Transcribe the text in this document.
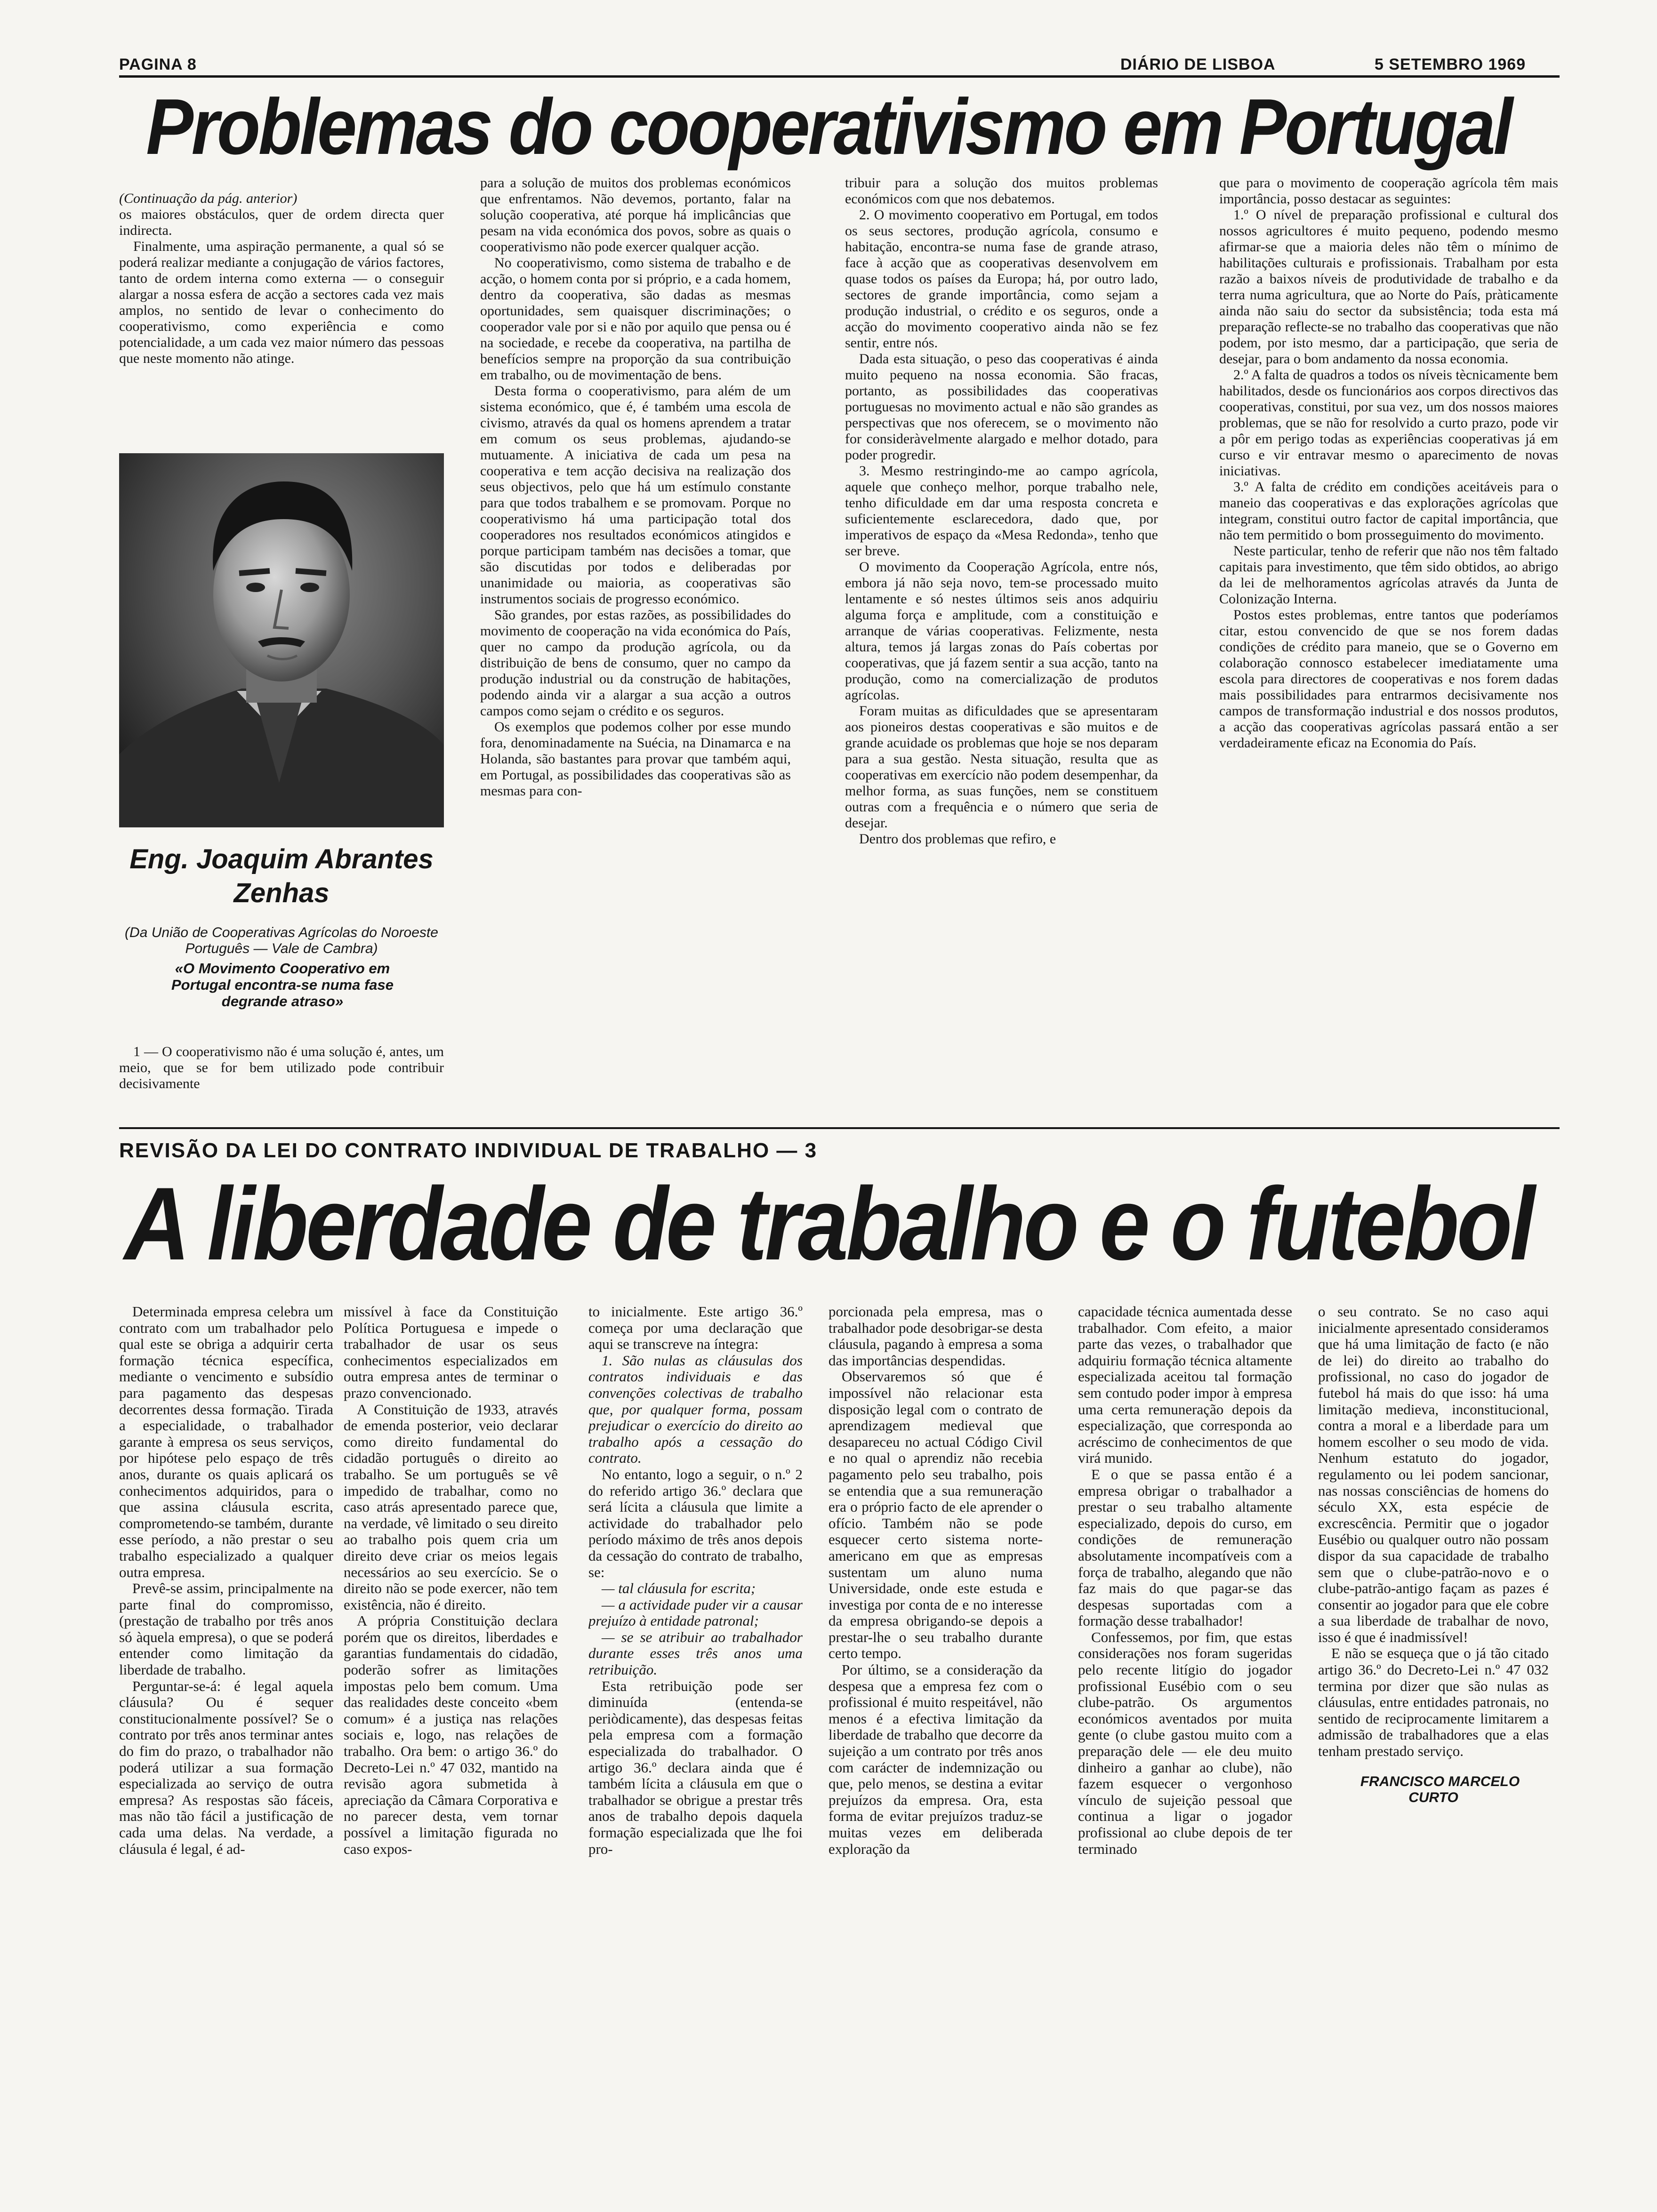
PAGINA 8	DIÁRIO DE LISBOA	5 SETEMBRO 1969
Problemas do cooperativismo em Portugal

(Continuação da pág. anterior)

os maiores obstáculos, quer de ordem directa quer indirecta.

Finalmente, uma aspiração permanente, a qual só se poderá realizar mediante a conjugação de vários factores, tanto de ordem interna como externa — o conseguir alargar a nossa esfera de acção a sectores cada vez mais amplos, no sentido de levar o conhecimento do cooperativismo, como experiência e como potencialidade, a um cada vez maior número das pessoas que neste momento não atinge.

Eng. Joaquim Abrantes Zenhas
(Da União de Cooperativas Agrícolas do Noroeste Português — Vale de Cambra)
«O Movimento Cooperativo em Portugal encontra-se numa fase degrande atraso»

1 — O cooperativismo não é uma solução é, antes, um meio, que se for bem utilizado pode contribuir decisivamente

para a solução de muitos dos problemas económicos que enfrentamos. Não devemos, portanto, falar na solução cooperativa, até porque há implicâncias que pesam na vida económica dos povos, sobre as quais o cooperativismo não pode exercer qualquer acção.

No cooperativismo, como sistema de trabalho e de acção, o homem conta por si próprio, e a cada homem, dentro da cooperativa, são dadas as mesmas oportunidades, sem quaisquer discriminações; o cooperador vale por si e não por aquilo que pensa ou é na sociedade, e recebe da cooperativa, na partilha de benefícios sempre na proporção da sua contribuição em trabalho, ou de movimentação de bens.

Desta forma o cooperativismo, para além de um sistema económico, que é, é também uma escola de civismo, através da qual os homens aprendem a tratar em comum os seus problemas, ajudando-se mutuamente. A iniciativa de cada um pesa na cooperativa e tem acção decisiva na realização dos seus objectivos, pelo que há um estímulo constante para que todos trabalhem e se promovam. Porque no cooperativismo há uma participação total dos cooperadores nos resultados económicos atingidos e porque participam também nas decisões a tomar, que são discutidas por todos e deliberadas por unanimidade ou maioria, as cooperativas são instrumentos sociais de progresso económico.

São grandes, por estas razões, as possibilidades do movimento de cooperação na vida económica do País, quer no campo da produção agrícola, ou da distribuição de bens de consumo, quer no campo da produção industrial ou da construção de habitações, podendo ainda vir a alargar a sua acção a outros campos como sejam o crédito e os seguros.

Os exemplos que podemos colher por esse mundo fora, denominadamente na Suécia, na Dinamarca e na Holanda, são bastantes para provar que também aqui, em Portugal, as possibilidades das cooperativas são as mesmas para con-

tribuir para a solução dos muitos problemas económicos com que nos debatemos.

2. O movimento cooperativo em Portugal, em todos os seus sectores, produção agrícola, consumo e habitação, encontra-se numa fase de grande atraso, face à acção que as cooperativas desenvolvem em quase todos os países da Europa; há, por outro lado, sectores de grande importância, como sejam a produção industrial, o crédito e os seguros, onde a acção do movimento cooperativo ainda não se fez sentir, entre nós.

Dada esta situação, o peso das cooperativas é ainda muito pequeno na nossa economia. São fracas, portanto, as possibilidades das cooperativas portuguesas no movimento actual e não são grandes as perspectivas que nos oferecem, se o movimento não for consideràvelmente alargado e melhor dotado, para poder progredir.

3. Mesmo restringindo-me ao campo agrícola, aquele que conheço melhor, porque trabalho nele, tenho dificuldade em dar uma resposta concreta e suficientemente esclarecedora, dado que, por imperativos de espaço da «Mesa Redonda», tenho que ser breve.

O movimento da Cooperação Agrícola, entre nós, embora já não seja novo, tem-se processado muito lentamente e só nestes últimos seis anos adquiriu alguma força e amplitude, com a constituição e arranque de várias cooperativas. Felizmente, nesta altura, temos já largas zonas do País cobertas por cooperativas, que já fazem sentir a sua acção, tanto na produção, como na comercialização de produtos agrícolas.

Foram muitas as dificuldades que se apresentaram aos pioneiros destas cooperativas e são muitos e de grande acuidade os problemas que hoje se nos deparam para a sua gestão. Nesta situação, resulta que as cooperativas em exercício não podem desempenhar, da melhor forma, as suas funções, nem se constituem outras com a frequência e o número que seria de desejar.

Dentro dos problemas que refiro, e

que para o movimento de cooperação agrícola têm mais importância, posso destacar as seguintes:

1.º O nível de preparação profissional e cultural dos nossos agricultores é muito pequeno, podendo mesmo afirmar-se que a maioria deles não têm o mínimo de habilitações culturais e profissionais. Trabalham por esta razão a baixos níveis de produtividade de trabalho e da terra numa agricultura, que ao Norte do País, pràticamente ainda não saiu do sector da subsistência; toda esta má preparação reflecte-se no trabalho das cooperativas que não podem, por isto mesmo, dar a participação, que seria de desejar, para o bom andamento da nossa economia.

2.º A falta de quadros a todos os níveis tècnicamente bem habilitados, desde os funcionários aos corpos directivos das cooperativas, constitui, por sua vez, um dos nossos maiores problemas, que se não for resolvido a curto prazo, pode vir a pôr em perigo todas as experiências cooperativas já em curso e vir entravar mesmo o aparecimento de novas iniciativas.

3.º A falta de crédito em condições aceitáveis para o maneio das cooperativas e das explorações agrícolas que integram, constitui outro factor de capital importância, que não tem permitido o bom prosseguimento do movimento.

Neste particular, tenho de referir que não nos têm faltado capitais para investimento, que têm sido obtidos, ao abrigo da lei de melhoramentos agrícolas através da Junta de Colonização Interna.

Postos estes problemas, entre tantos que poderíamos citar, estou convencido de que se nos forem dadas condições de crédito para maneio, que se o Governo em colaboração connosco estabelecer imediatamente uma escola para directores de cooperativas e nos forem dadas mais possibilidades para entrarmos decisivamente nos campos de transformação industrial e dos nossos produtos, a acção das cooperativas agrícolas passará então a ser verdadeiramente eficaz na Economia do País.

REVISÃO DA LEI DO CONTRATO INDIVIDUAL DE TRABALHO — 3
A liberdade de trabalho e o futebol

Determinada empresa celebra um contrato com um trabalhador pelo qual este se obriga a adquirir certa formação técnica específica, mediante o vencimento e subsídio para pagamento das despesas decorrentes dessa formação. Tirada a especialidade, o trabalhador garante à empresa os seus serviços, por hipótese pelo espaço de três anos, durante os quais aplicará os conhecimentos adquiridos, para o que assina cláusula escrita, comprometendo-se também, durante esse período, a não prestar o seu trabalho especializado a qualquer outra empresa.

Prevê-se assim, principalmente na parte final do compromisso, (prestação de trabalho por três anos só àquela empresa), o que se poderá entender como limitação da liberdade de trabalho.

Perguntar-se-á: é legal aquela cláusula? Ou é sequer constitucionalmente possível? Se o contrato por três anos terminar antes do fim do prazo, o trabalhador não poderá utilizar a sua formação especializada ao serviço de outra empresa? As respostas são fáceis, mas não tão fácil a justificação de cada uma delas. Na verdade, a cláusula é legal, é ad-

missível à face da Constituição Política Portuguesa e impede o trabalhador de usar os seus conhecimentos especializados em outra empresa antes de terminar o prazo convencionado.

A Constituição de 1933, através de emenda posterior, veio declarar como direito fundamental do cidadão português o direito ao trabalho. Se um português se vê impedido de trabalhar, como no caso atrás apresentado parece que, na verdade, vê limitado o seu direito ao trabalho pois quem cria um direito deve criar os meios legais necessários ao seu exercício. Se o direito não se pode exercer, não tem existência, não é direito.

A própria Constituição declara porém que os direitos, liberdades e garantias fundamentais do cidadão, poderão sofrer as limitações impostas pelo bem comum. Uma das realidades deste conceito «bem comum» é a justiça nas relações sociais e, logo, nas relações de trabalho. Ora bem: o artigo 36.º do Decreto-Lei n.º 47 032, mantido na revisão agora submetida à apreciação da Câmara Corporativa e no parecer desta, vem tornar possível a limitação figurada no caso expos-

to inicialmente. Este artigo 36.º começa por uma declaração que aqui se transcreve na íntegra:

1. São nulas as cláusulas dos contratos individuais e das convenções colectivas de trabalho que, por qualquer forma, possam prejudicar o exercício do direito ao trabalho após a cessação do contrato.

No entanto, logo a seguir, o n.º 2 do referido artigo 36.º declara que será lícita a cláusula que limite a actividade do trabalhador pelo período máximo de três anos depois da cessação do contrato de trabalho, se:

— tal cláusula for escrita;

— a actividade puder vir a causar prejuízo à entidade patronal;

— se se atribuir ao trabalhador durante esses três anos uma retribuição.

Esta retribuição pode ser diminuída (entenda-se periòdicamente), das despesas feitas pela empresa com a formação especializada do trabalhador. O artigo 36.º declara ainda que é também lícita a cláusula em que o trabalhador se obrigue a prestar três anos de trabalho depois daquela formação especializada que lhe foi pro-

porcionada pela empresa, mas o trabalhador pode desobrigar-se desta cláusula, pagando à empresa a soma das importâncias despendidas.

Observaremos só que é impossível não relacionar esta disposição legal com o contrato de aprendizagem medieval que desapareceu no actual Código Civil e no qual o aprendiz não recebia pagamento pelo seu trabalho, pois se entendia que a sua remuneração era o próprio facto de ele aprender o ofício. Também não se pode esquecer certo sistema norte-americano em que as empresas sustentam um aluno numa Universidade, onde este estuda e investiga por conta de e no interesse da empresa obrigando-se depois a prestar-lhe o seu trabalho durante certo tempo.

Por último, se a consideração da despesa que a empresa fez com o profissional é muito respeitável, não menos é a efectiva limitação da liberdade de trabalho que decorre da sujeição a um contrato por três anos com carácter de indemnização ou que, pelo menos, se destina a evitar prejuízos da empresa. Ora, esta forma de evitar prejuízos traduz-se muitas vezes em deliberada exploração da

capacidade técnica aumentada desse trabalhador. Com efeito, a maior parte das vezes, o trabalhador que adquiriu formação técnica altamente especializada aceitou tal formação sem contudo poder impor à empresa uma certa remuneração depois da especialização, que corresponda ao acréscimo de conhecimentos de que virá munido.

E o que se passa então é a empresa obrigar o trabalhador a prestar o seu trabalho altamente especializado, depois do curso, em condições de remuneração absolutamente incompatíveis com a força de trabalho, alegando que não faz mais do que pagar-se das despesas suportadas com a formação desse trabalhador!

Confessemos, por fim, que estas considerações nos foram sugeridas pelo recente litígio do jogador profissional Eusébio com o seu clube-patrão. Os argumentos económicos aventados por muita gente (o clube gastou muito com a preparação dele — ele deu muito dinheiro a ganhar ao clube), não fazem esquecer o vergonhoso vínculo de sujeição pessoal que continua a ligar o jogador profissional ao clube depois de ter terminado

o seu contrato. Se no caso aqui inicialmente apresentado consideramos que há uma limitação de facto (e não de lei) do direito ao trabalho do profissional, no caso do jogador de futebol há mais do que isso: há uma limitação medieva, inconstitucional, contra a moral e a liberdade para um homem escolher o seu modo de vida. Nenhum estatuto do jogador, regulamento ou lei podem sancionar, nas nossas consciências de homens do século XX, esta espécie de excrescência. Permitir que o jogador Eusébio ou qualquer outro não possam dispor da sua capacidade de trabalho sem que o clube-patrão-novo e o clube-patrão-antigo façam as pazes é consentir ao jogador para que ele cobre a sua liberdade de trabalhar de novo, isso é que é inadmissível!

E não se esqueça que o já tão citado artigo 36.º do Decreto-Lei n.º 47 032 termina por dizer que são nulas as cláusulas, entre entidades patronais, no sentido de reciprocamente limitarem a admissão de trabalhadores que a elas tenham prestado serviço.

FRANCISCO MARCELO CURTO
